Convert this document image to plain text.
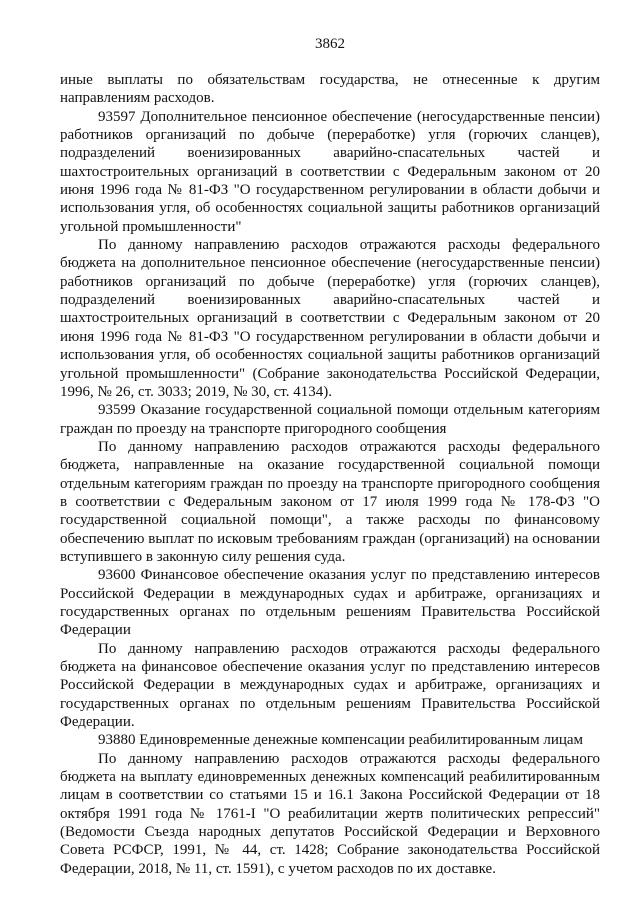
3862

иные выплаты по обязательствам государства, не отнесенные к другим направлениям расходов.

93597 Дополнительное пенсионное обеспечение (негосударственные пенсии) работников организаций по добыче (переработке) угля (горючих сланцев), подразделений военизированных аварийно-спасательных частей и шахтостроительных организаций в соответствии с Федеральным законом от 20 июня 1996 года № 81-ФЗ "О государственном регулировании в области добычи и использования угля, об особенностях социальной защиты работников организаций угольной промышленности"

По данному направлению расходов отражаются расходы федерального бюджета на дополнительное пенсионное обеспечение (негосударственные пенсии) работников организаций по добыче (переработке) угля (горючих сланцев), подразделений военизированных аварийно-спасательных частей и шахтостроительных организаций в соответствии с Федеральным законом от 20 июня 1996 года № 81-ФЗ "О государственном регулировании в области добычи и использования угля, об особенностях социальной защиты работников организаций угольной промышленности" (Собрание законодательства Российской Федерации, 1996, № 26, ст. 3033; 2019, № 30, ст. 4134).

93599 Оказание государственной социальной помощи отдельным категориям граждан по проезду на транспорте пригородного сообщения

По данному направлению расходов отражаются расходы федерального бюджета, направленные на оказание государственной социальной помощи отдельным категориям граждан по проезду на транспорте пригородного сообщения в соответствии с Федеральным законом от 17 июля 1999 года № 178-ФЗ "О государственной социальной помощи", а также расходы по финансовому обеспечению выплат по исковым требованиям граждан (организаций) на основании вступившего в законную силу решения суда.

93600 Финансовое обеспечение оказания услуг по представлению интересов Российской Федерации в международных судах и арбитраже, организациях и государственных органах по отдельным решениям Правительства Российской Федерации

По данному направлению расходов отражаются расходы федерального бюджета на финансовое обеспечение оказания услуг по представлению интересов Российской Федерации в международных судах и арбитраже, организациях и государственных органах по отдельным решениям Правительства Российской Федерации.

93880 Единовременные денежные компенсации реабилитированным лицам

По данному направлению расходов отражаются расходы федерального бюджета на выплату единовременных денежных компенсаций реабилитированным лицам в соответствии со статьями 15 и 16.1 Закона Российской Федерации от 18 октября 1991 года № 1761-I "О реабилитации жертв политических репрессий" (Ведомости Съезда народных депутатов Российской Федерации и Верховного Совета РСФСР, 1991, № 44, ст. 1428; Собрание законодательства Российской Федерации, 2018, № 11, ст. 1591), с учетом расходов по их доставке.
